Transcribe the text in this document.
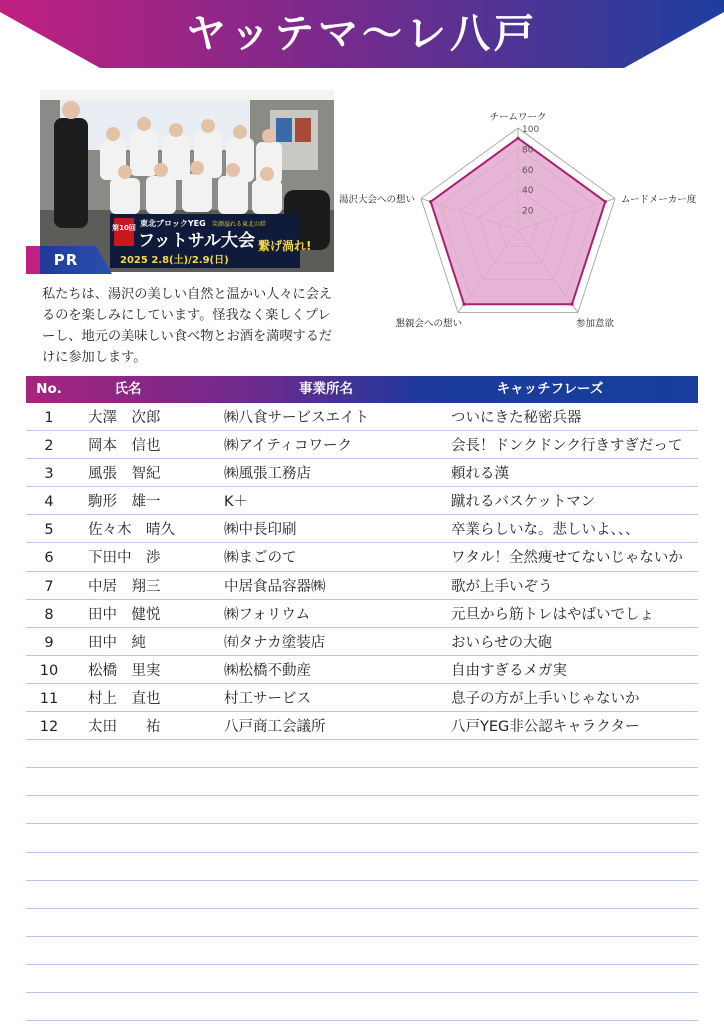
ヤッテマ〜レ八戸
第10回 東北ブロックYEG 笑顔溢れる東北の絆
フットサル大会 繋げ渦れ!
2025 2.8(土)/2.9(日)
PR
私たちは、湯沢の美しい自然と温かい人々に会えるのを楽しみにしています。怪我なく楽しくプレーし、地元の美味しい食べ物とお酒を満喫するだけに参加します。
20
40
60
80
100
チームワーク
ムードメーカー度
参加意欲
懇親会への想い
湯沢大会への想い
No.	氏名	事業所名	キャッチフレーズ
1	大澤　次郎	㈱八食サービスエイト	ついにきた秘密兵器
2	岡本　信也	㈱アイティコワーク	会長！ドンクドンク行きすぎだって
3	風張　智紀	㈱風張工務店	頼れる漢
4	駒形　雄一	K＋	蹴れるバスケットマン
5	佐々木　晴久	㈱中長印刷	卒業らしいな。悲しいよ、、、
6	下田中　渉	㈱まごのて	ワタル！全然痩せてないじゃないか
7	中居　翔三	中居食品容器㈱	歌が上手いぞう
8	田中　健悦	㈱フォリウム	元旦から筋トレはやばいでしょ
9	田中　純	㈲タナカ塗装店	おいらせの大砲
10	松橋　里実	㈱松橋不動産	自由すぎるメガ実
11	村上　直也	村工サービス	息子の方が上手いじゃないか
12	太田　　祐	八戸商工会議所	八戸YEG非公認キャラクター
